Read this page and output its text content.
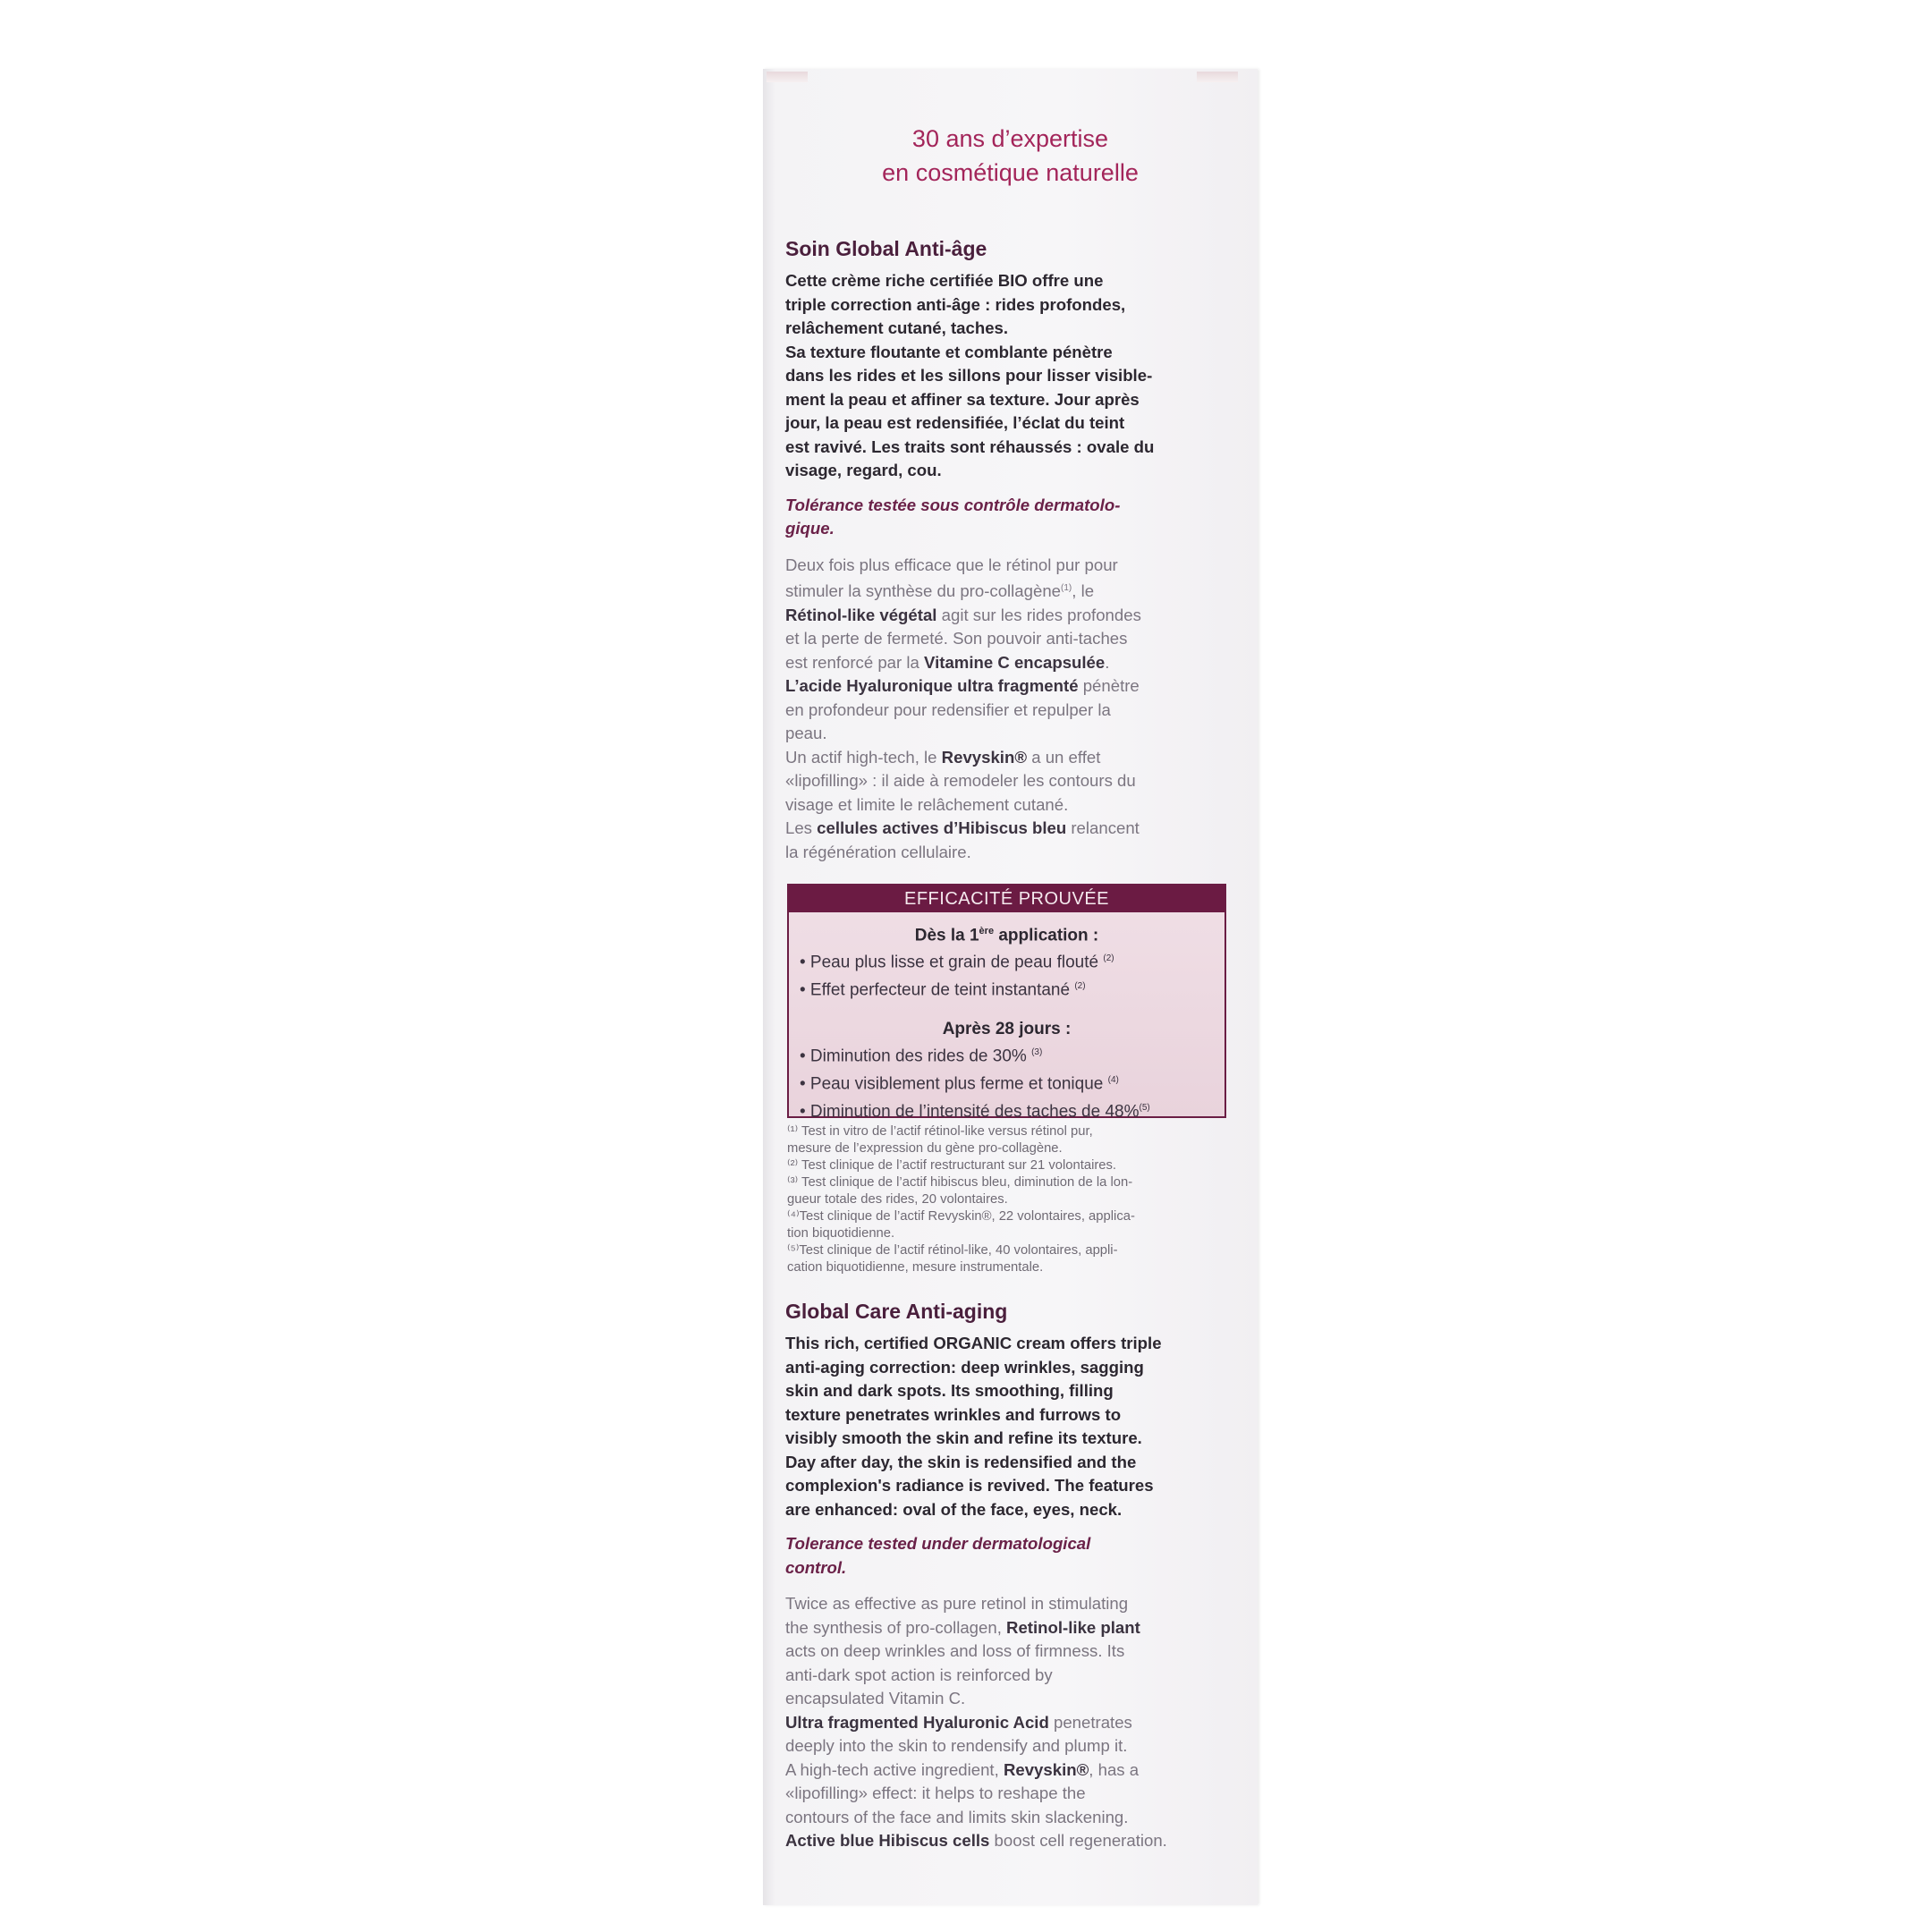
30 ans d’expertise
en cosmétique naturelle
Soin Global Anti-âge
Cette crème riche certifiée BIO offre une
triple correction anti-âge : rides profondes,
relâchement cutané, taches.
Sa texture floutante et comblante pénètre
dans les rides et les sillons pour lisser visible-
ment la peau et affiner sa texture. Jour après
jour, la peau est redensifiée, l’éclat du teint
est ravivé. Les traits sont réhaussés : ovale du
visage, regard, cou.
Tolérance testée sous contrôle dermatolo-
gique.
Deux fois plus efficace que le rétinol pur pour
stimuler la synthèse du pro-collagène$^{(1)}$, le
Rétinol-like végétal agit sur les rides profondes
et la perte de fermeté. Son pouvoir anti-taches
est renforcé par la Vitamine C encapsulée.
L’acide Hyaluronique ultra fragmenté pénètre
en profondeur pour redensifier et repulper la
peau.
Un actif high-tech, le Revyskin® a un effet
«lipofilling» : il aide à remodeler les contours du
visage et limite le relâchement cutané.
Les cellules actives d’Hibiscus bleu relancent
la régénération cellulaire.
EFFICACITÉ PROUVÉE
Dès la 1ère application :
• Peau plus lisse et grain de peau flouté $^{(2)}$
• Effet perfecteur de teint instantané $^{(2)}$
Après 28 jours :
• Diminution des rides de 30% $^{(3)}$
• Peau visiblement plus ferme et tonique $^{(4)}$
• Diminution de l’intensité des taches de 48%$^{(5)}$
⁽¹⁾ Test in vitro de l’actif rétinol-like versus rétinol pur,
mesure de l’expression du gène pro-collagène.
⁽²⁾ Test clinique de l’actif restructurant sur 21 volontaires.
⁽³⁾ Test clinique de l’actif hibiscus bleu, diminution de la lon-
gueur totale des rides, 20 volontaires.
⁽⁴⁾Test clinique de l’actif Revyskin®, 22 volontaires, applica-
tion biquotidienne.
⁽⁵⁾Test clinique de l’actif rétinol-like, 40 volontaires, appli-
cation biquotidienne, mesure instrumentale.
Global Care Anti-aging
This rich, certified ORGANIC cream offers triple
anti-aging correction: deep wrinkles, sagging
skin and dark spots. Its smoothing, filling
texture penetrates wrinkles and furrows to
visibly smooth the skin and refine its texture.
Day after day, the skin is redensified and the
complexion's radiance is revived. The features
are enhanced: oval of the face, eyes, neck.
Tolerance tested under dermatological
control.
Twice as effective as pure retinol in stimulating
the synthesis of pro-collagen, Retinol-like plant
acts on deep wrinkles and loss of firmness. Its
anti-dark spot action is reinforced by
encapsulated Vitamin C.
Ultra fragmented Hyaluronic Acid penetrates
deeply into the skin to rendensify and plump it.
A high-tech active ingredient, Revyskin®, has a
«lipofilling» effect: it helps to reshape the
contours of the face and limits skin slackening.
Active blue Hibiscus cells boost cell regeneration.
